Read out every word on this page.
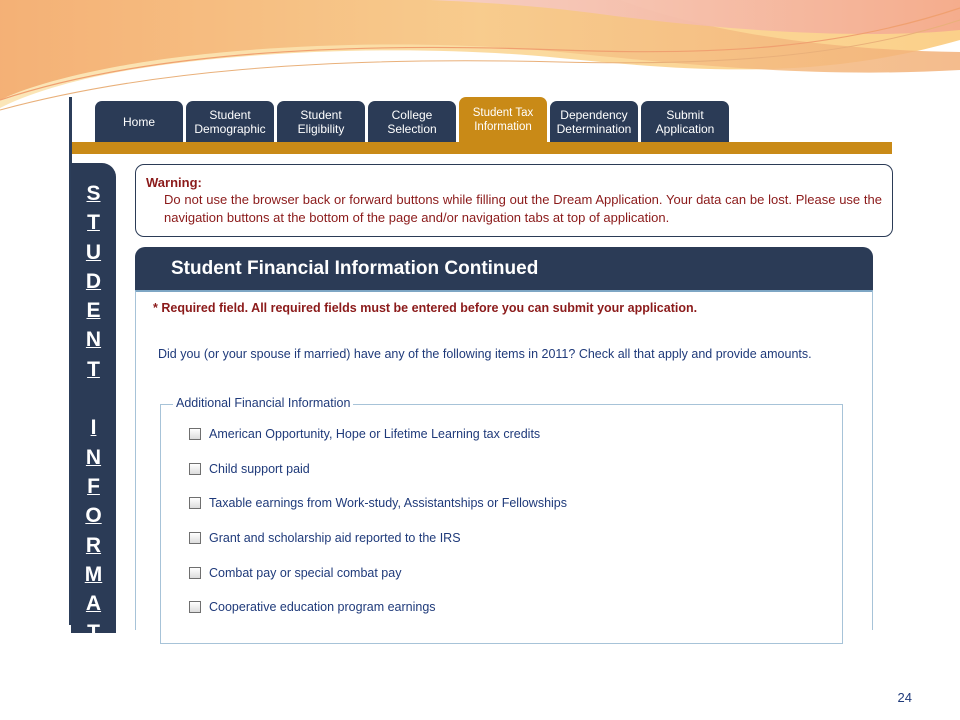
Home	Student
Demographic
Student
Eligibility
College
Selection
Student Tax
Information
Dependency
Determination
Submit
Application
S
T
U
D
E
N
T
I
N
F
O
R
M
A
T
Warning:
Do not use the browser back or forward buttons while filling out the Dream Application. Your data can be lost. Please use the navigation buttons at the bottom of the page and/or navigation tabs at top of application.
Student Financial Information Continued
* Required field. All required fields must be entered before you can submit your application.
Did you (or your spouse if married) have any of the following items in 2011? Check all that apply and provide amounts.
Additional Financial Information
American Opportunity, Hope or Lifetime Learning tax credits
Child support paid
Taxable earnings from Work-study, Assistantships or Fellowships
Grant and scholarship aid reported to the IRS
Combat pay or special combat pay
Cooperative education program earnings
24
